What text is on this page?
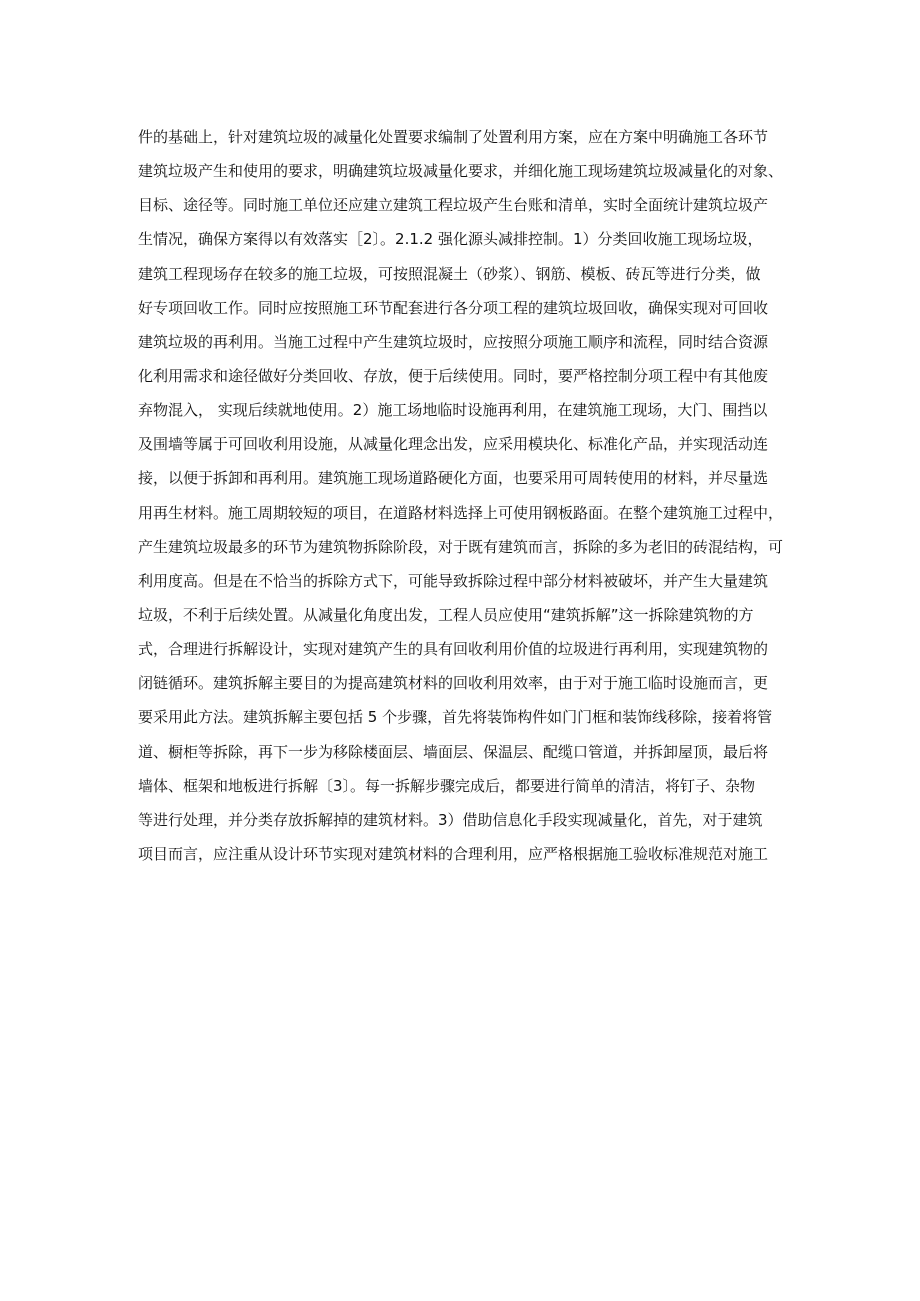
件的基础上，针对建筑垃圾的减量化处置要求编制了处置利用方案，应在方案中明确施工各环节
建筑垃圾产生和使用的要求，明确建筑垃圾减量化要求，并细化施工现场建筑垃圾减量化的对象、
目标、途径等。同时施工单位还应建立建筑工程垃圾产生台账和清单，实时全面统计建筑垃圾产
生情况，确保方案得以有效落实［2〕。2.1.2 强化源头减排控制。1）分类回收施工现场垃圾，
建筑工程现场存在较多的施工垃圾，可按照混凝土（砂浆）、钢筋、模板、砖瓦等进行分类，做
好专项回收工作。同时应按照施工环节配套进行各分项工程的建筑垃圾回收，确保实现对可回收
建筑垃圾的再利用。当施工过程中产生建筑垃圾时，应按照分项施工顺序和流程，同时结合资源
化利用需求和途径做好分类回收、存放，便于后续使用。同时，要严格控制分项工程中有其他废
弃物混入， 实现后续就地使用。2）施工场地临时设施再利用，在建筑施工现场，大门、围挡以
及围墙等属于可回收利用设施，从减量化理念出发，应采用模块化、标准化产品，并实现活动连
接，以便于拆卸和再利用。建筑施工现场道路硬化方面，也要采用可周转使用的材料，并尽量选
用再生材料。施工周期较短的项目，在道路材料选择上可使用钢板路面。在整个建筑施工过程中，
产生建筑垃圾最多的环节为建筑物拆除阶段，对于既有建筑而言，拆除的多为老旧的砖混结构，可
利用度高。但是在不恰当的拆除方式下，可能导致拆除过程中部分材料被破坏，并产生大量建筑
垃圾，不利于后续处置。从减量化角度出发，工程人员应使用“建筑拆解”这一拆除建筑物的方
式，合理进行拆解设计，实现对建筑产生的具有回收利用价值的垃圾进行再利用，实现建筑物的
闭链循环。建筑拆解主要目的为提高建筑材料的回收利用效率，由于对于施工临时设施而言，更
要采用此方法。建筑拆解主要包括 5 个步骤，首先将装饰构件如门门框和装饰线移除，接着将管
道、橱柜等拆除，再下一步为移除楼面层、墙面层、保温层、配缆口管道，并拆卸屋顶，最后将
墙体、框架和地板进行拆解〔3〕。每一拆解步骤完成后，都要进行简单的清洁，将钉子、杂物
等进行处理，并分类存放拆解掉的建筑材料。3）借助信息化手段实现减量化，首先，对于建筑
项目而言，应注重从设计环节实现对建筑材料的合理利用，应严格根据施工验收标准规范对施工
